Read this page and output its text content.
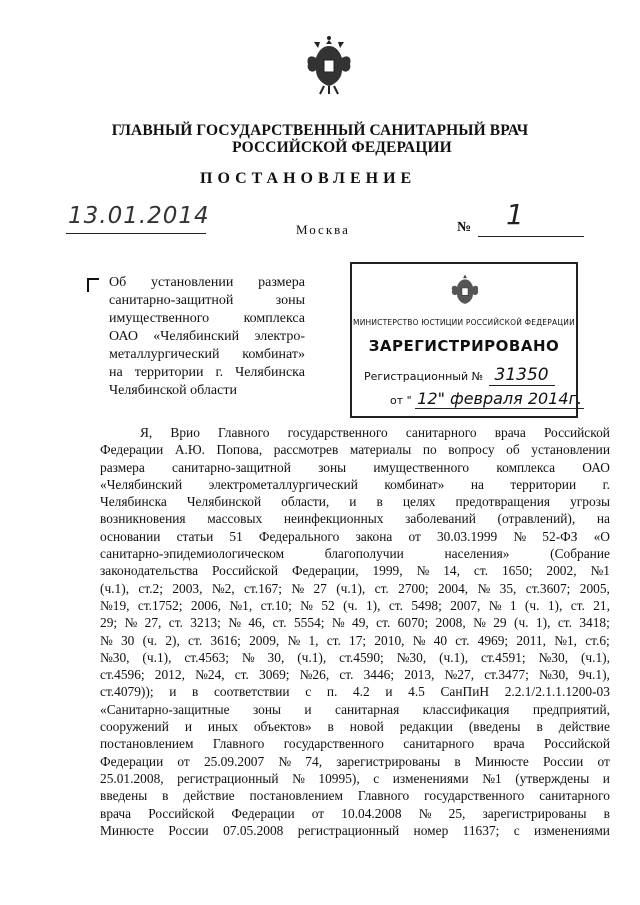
ГЛАВНЫЙ ГОСУДАРСТВЕННЫЙ САНИТАРНЫЙ ВРАЧ
РОССИЙСКОЙ ФЕДЕРАЦИИ
ПОСТАНОВЛЕНИЕ
13.01.2014
Москва	№ 1
Об установлении размера
санитарно-защитной	зоны
имущественного комплекса
ОАО «Челябинский электро-
металлургический комбинат»
на территории г. Челябинска
Челябинской области
МИНИСТЕРСТВО ЮСТИЦИИ РОССИЙСКОЙ ФЕДЕРАЦИИ
ЗАРЕГИСТРИРОВАНО
Регистрационный № 31350
от " 12" февраля 2014г.
Я, Врио Главного государственного санитарного врача Российской
Федерации А.Ю. Попова, рассмотрев материалы по вопросу об установлении
размера санитарно-защитной зоны имущественного комплекса ОАО
«Челябинский электрометаллургический комбинат» на территории г.
Челябинска Челябинской области, и в целях предотвращения угрозы
возникновения массовых неинфекционных заболеваний (отравлений), на
основании статьи 51 Федерального закона от 30.03.1999 № 52-ФЗ «О
санитарно-эпидемиологическом	благополучии	населения»	(Собрание
законодательства Российской Федерации, 1999, № 14, ст. 1650; 2002, №1
(ч.1), ст.2; 2003, №2, ст.167; № 27 (ч.1), ст. 2700; 2004, № 35, ст.3607; 2005,
№19, ст.1752; 2006, №1, ст.10; № 52 (ч. 1), ст. 5498; 2007, № 1 (ч. 1), ст. 21,
29; № 27, ст. 3213; № 46, ст. 5554; № 49, ст. 6070; 2008, № 29 (ч. 1), ст. 3418;
№ 30 (ч. 2), ст. 3616; 2009, № 1, ст. 17; 2010, № 40 ст. 4969; 2011, №1, ст.6;
№30, (ч.1), ст.4563; № 30, (ч.1), ст.4590; №30, (ч.1), ст.4591; №30, (ч.1),
ст.4596; 2012, №24, ст. 3069; №26, ст. 3446; 2013, №27, ст.3477; №30, 9ч.1),
ст.4079)); и в соответствии с п. 4.2 и 4.5 СанПиН 2.2.1/2.1.1.1200-03
«Санитарно-защитные зоны и санитарная классификация предприятий,
сооружений и иных объектов» в новой редакции (введены в действие
постановлением Главного государственного санитарного врача Российской
Федерации от 25.09.2007 № 74, зарегистрированы в Минюсте России от
25.01.2008, регистрационный № 10995), с изменениями №1 (утверждены и
введены в действие постановлением Главного государственного санитарного
врача Российской Федерации от 10.04.2008 № 25, зарегистрированы в
Минюсте России 07.05.2008 регистрационный номер 11637; с изменениями
